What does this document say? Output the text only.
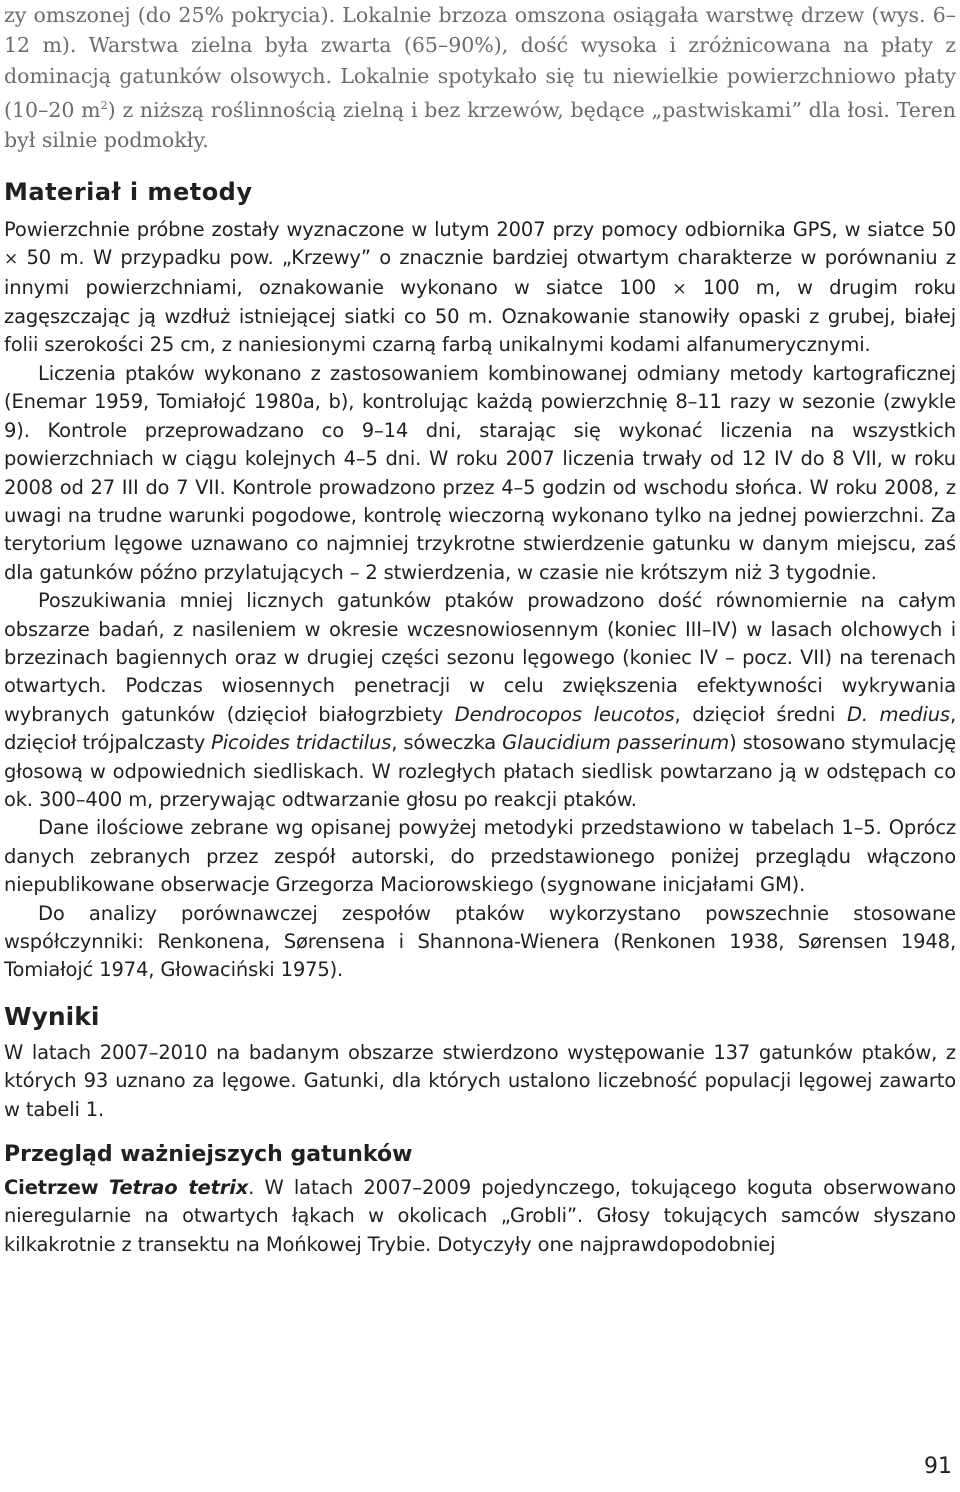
zy omszonej (do 25% pokrycia). Lokalnie brzoza omszona osiągała warstwę drzew (wys. 6–12 m). Warstwa zielna była zwarta (65–90%), dość wysoka i zróżnicowana na płaty z dominacją gatunków olsowych. Lokalnie spotykało się tu niewielkie powierzchniowo płaty (10–20 $m^2$) z niższą roślinnością zielną i bez krzewów, będące „pastwiskami” dla łosi. Teren był silnie podmokły.

Materiał i metody

Powierzchnie próbne zostały wyznaczone w lutym 2007 przy pomocy odbiornika GPS, w siatce 50 × 50 m. W przypadku pow. „Krzewy” o znacznie bardziej otwartym charakterze w porównaniu z innymi powierzchniami, oznakowanie wykonano w siatce 100 × 100 m, w drugim roku zagęszczając ją wzdłuż istniejącej siatki co 50 m. Oznakowanie stanowiły opaski z grubej, białej folii szerokości 25 cm, z naniesionymi czarną farbą unikalnymi kodami alfanumerycznymi.

Liczenia ptaków wykonano z zastosowaniem kombinowanej odmiany metody kartograficznej (Enemar 1959, Tomiałojć 1980a, b), kontrolując każdą powierzchnię 8–11 razy w sezonie (zwykle 9). Kontrole przeprowadzano co 9–14 dni, starając się wykonać liczenia na wszystkich powierzchniach w ciągu kolejnych 4–5 dni. W roku 2007 liczenia trwały od 12 IV do 8 VII, w roku 2008 od 27 III do 7 VII. Kontrole prowadzono przez 4–5 godzin od wschodu słońca. W roku 2008, z uwagi na trudne warunki pogodowe, kontrolę wieczorną wykonano tylko na jednej powierzchni. Za terytorium lęgowe uznawano co najmniej trzykrotne stwierdzenie gatunku w danym miejscu, zaś dla gatunków późno przylatujących – 2 stwierdzenia, w czasie nie krótszym niż 3 tygodnie.

Poszukiwania mniej licznych gatunków ptaków prowadzono dość równomiernie na całym obszarze badań, z nasileniem w okresie wczesnowiosennym (koniec III–IV) w lasach olchowych i brzezinach bagiennych oraz w drugiej części sezonu lęgowego (koniec IV – pocz. VII) na terenach otwartych. Podczas wiosennych penetracji w celu zwiększenia efektywności wykrywania wybranych gatunków (dzięcioł białogrzbiety Dendrocopos leucotos, dzięcioł średni D. medius, dzięcioł trójpalczasty Picoides tridactilus, sóweczka Glaucidium passerinum) stosowano stymulację głosową w odpowiednich siedliskach. W rozległych płatach siedlisk powtarzano ją w odstępach co ok. 300–400 m, przerywając odtwarzanie głosu po reakcji ptaków.

Dane ilościowe zebrane wg opisanej powyżej metodyki przedstawiono w tabelach 1–5. Oprócz danych zebranych przez zespół autorski, do przedstawionego poniżej przeglądu włączono niepublikowane obserwacje Grzegorza Maciorowskiego (sygnowane inicjałami GM).

Do analizy porównawczej zespołów ptaków wykorzystano powszechnie stosowane współczynniki: Renkonena, Sørensena i Shannona-Wienera (Renkonen 1938, Sørensen 1948, Tomiałojć 1974, Głowaciński 1975).

Wyniki

W latach 2007–2010 na badanym obszarze stwierdzono występowanie 137 gatunków ptaków, z których 93 uznano za lęgowe. Gatunki, dla których ustalono liczebność populacji lęgowej zawarto w tabeli 1.

Przegląd ważniejszych gatunków

Cietrzew Tetrao tetrix. W latach 2007–2009 pojedynczego, tokującego koguta obserwowano nieregularnie na otwartych łąkach w okolicach „Grobli”. Głosy tokujących samców słyszano kilkakrotnie z transektu na Mońkowej Trybie. Dotyczyły one najprawdopodobniej

91
